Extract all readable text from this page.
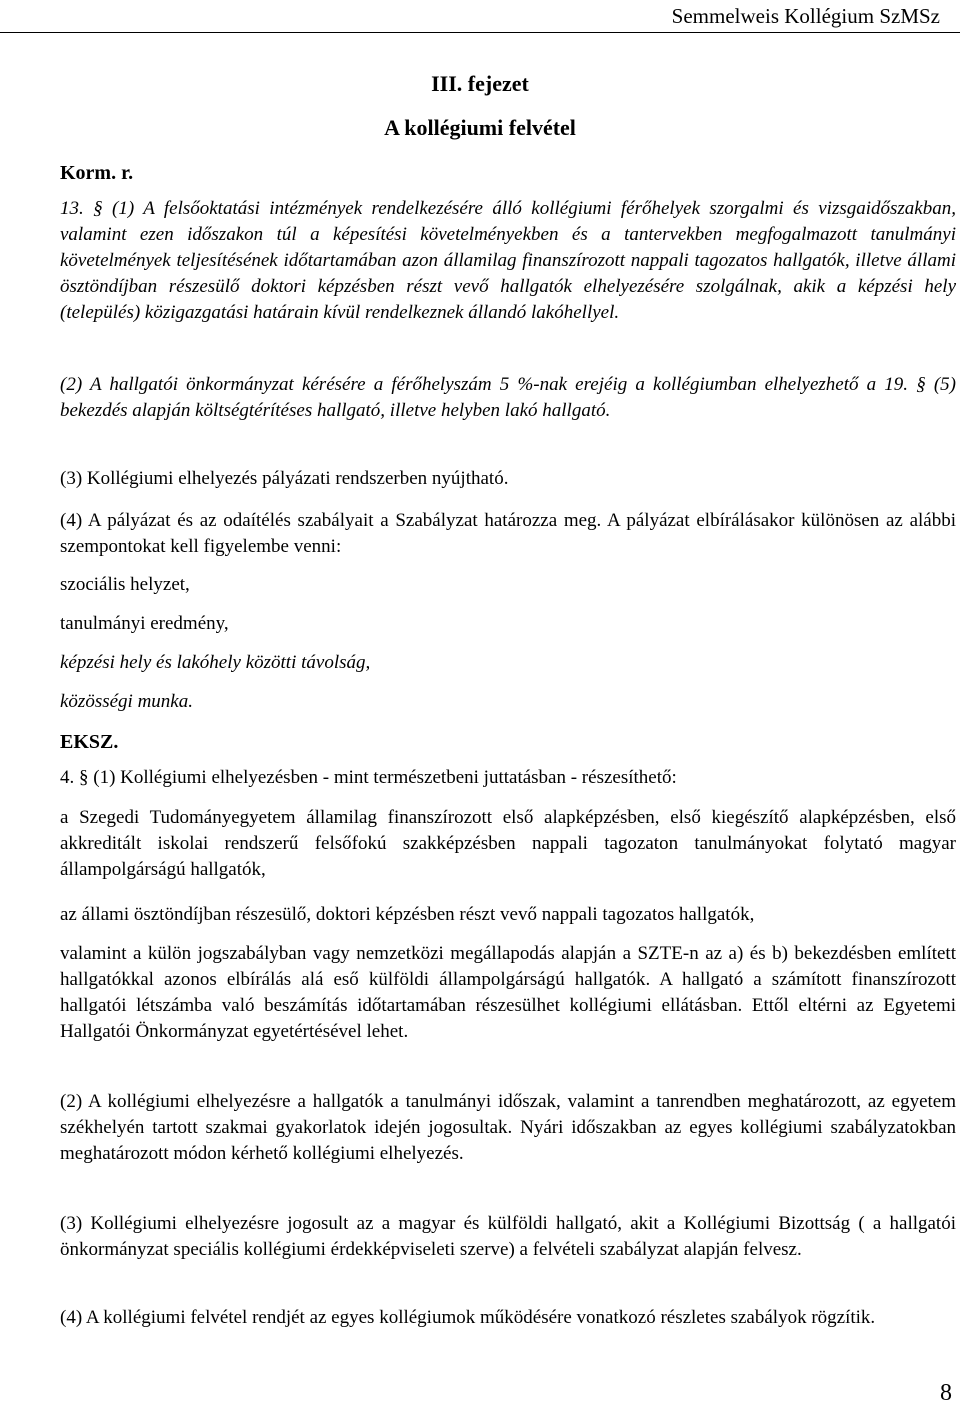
Semmelweis Kollégium SzMSz
III. fejezet
A kollégiumi felvétel
Korm. r.
13. § (1) A felsőoktatási intézmények rendelkezésére álló kollégiumi férőhelyek szorgalmi és vizsgaidőszakban, valamint ezen időszakon túl a képesítési követelményekben és a tantervekben megfogalmazott tanulmányi követelmények teljesítésének időtartamában azon államilag finanszírozott nappali tagozatos hallgatók, illetve állami ösztöndíjban részesülő doktori képzésben részt vevő hallgatók elhelyezésére szolgálnak, akik a képzési hely (település) közigazgatási határain kívül rendelkeznek állandó lakóhellyel.
(2) A hallgatói önkormányzat kérésére a férőhelyszám 5 %-nak erejéig a kollégiumban elhelyezhető a 19. § (5) bekezdés alapján költségtérítéses hallgató, illetve helyben lakó hallgató.
(3) Kollégiumi elhelyezés pályázati rendszerben nyújtható.
(4) A pályázat és az odaítélés szabályait a Szabályzat határozza meg. A pályázat elbírálásakor különösen az alábbi szempontokat kell figyelembe venni:
szociális helyzet,
tanulmányi eredmény,
képzési hely és lakóhely közötti távolság,
közösségi munka.
EKSZ.
4. § (1) Kollégiumi elhelyezésben - mint természetbeni juttatásban - részesíthető:
a Szegedi Tudományegyetem államilag finanszírozott első alapképzésben, első kiegészítő alapképzésben, első akkreditált iskolai rendszerű felsőfokú szakképzésben nappali tagozaton tanulmányokat folytató magyar állampolgárságú hallgatók,
az állami ösztöndíjban részesülő, doktori képzésben részt vevő nappali tagozatos hallgatók,
valamint a külön jogszabályban vagy nemzetközi megállapodás alapján a SZTE-n az a) és b) bekezdésben említett hallgatókkal azonos elbírálás alá eső külföldi állampolgárságú hallgatók. A hallgató a számított finanszírozott hallgatói létszámba való beszámítás időtartamában részesülhet kollégiumi ellátásban. Ettől eltérni az Egyetemi Hallgatói Önkormányzat egyetértésével lehet.
(2) A kollégiumi elhelyezésre a hallgatók a tanulmányi időszak, valamint a tanrendben meghatározott, az egyetem székhelyén tartott szakmai gyakorlatok idején jogosultak. Nyári időszakban az egyes kollégiumi szabályzatokban meghatározott módon kérhető kollégiumi elhelyezés.
(3) Kollégiumi elhelyezésre jogosult az a magyar és külföldi hallgató, akit a Kollégiumi Bizottság ( a hallgatói önkormányzat speciális kollégiumi érdekképviseleti szerve) a felvételi szabályzat alapján felvesz.
(4) A kollégiumi felvétel rendjét az egyes kollégiumok működésére vonatkozó részletes szabályok rögzítik.
8
